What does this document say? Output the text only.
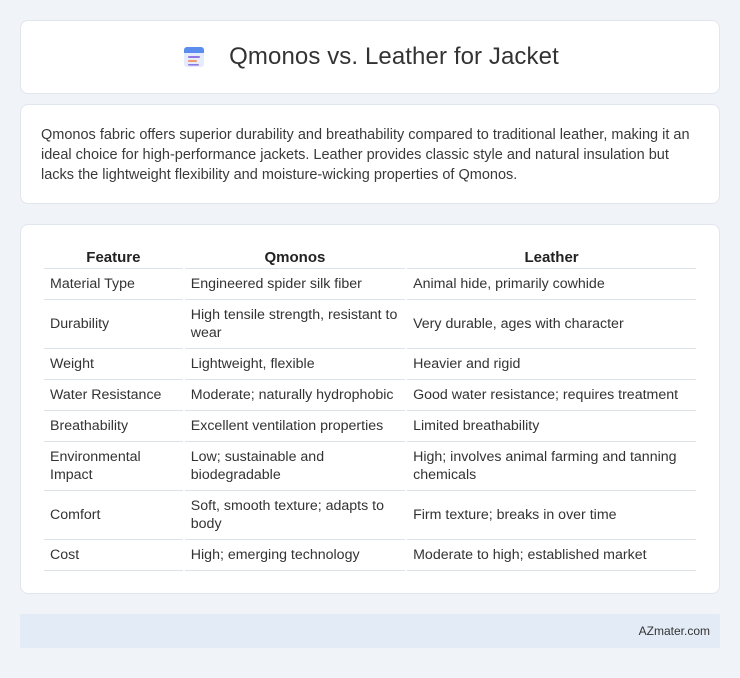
Qmonos vs. Leather for Jacket

Qmonos fabric offers superior durability and breathability compared to traditional leather, making it an ideal choice for high-performance jackets. Leather provides classic style and natural insulation but lacks the lightweight flexibility and moisture-wicking properties of Qmonos.

Feature	Qmonos	Leather
Material Type	Engineered spider silk fiber	Animal hide, primarily cowhide
Durability	High tensile strength, resistant to wear	Very durable, ages with character
Weight	Lightweight, flexible	Heavier and rigid
Water Resistance	Moderate; naturally hydrophobic	Good water resistance; requires treatment
Breathability	Excellent ventilation properties	Limited breathability
Environmental Impact	Low; sustainable and biodegradable	High; involves animal farming and tanning chemicals
Comfort	Soft, smooth texture; adapts to body	Firm texture; breaks in over time
Cost	High; emerging technology	Moderate to high; established market
AZmater.com
